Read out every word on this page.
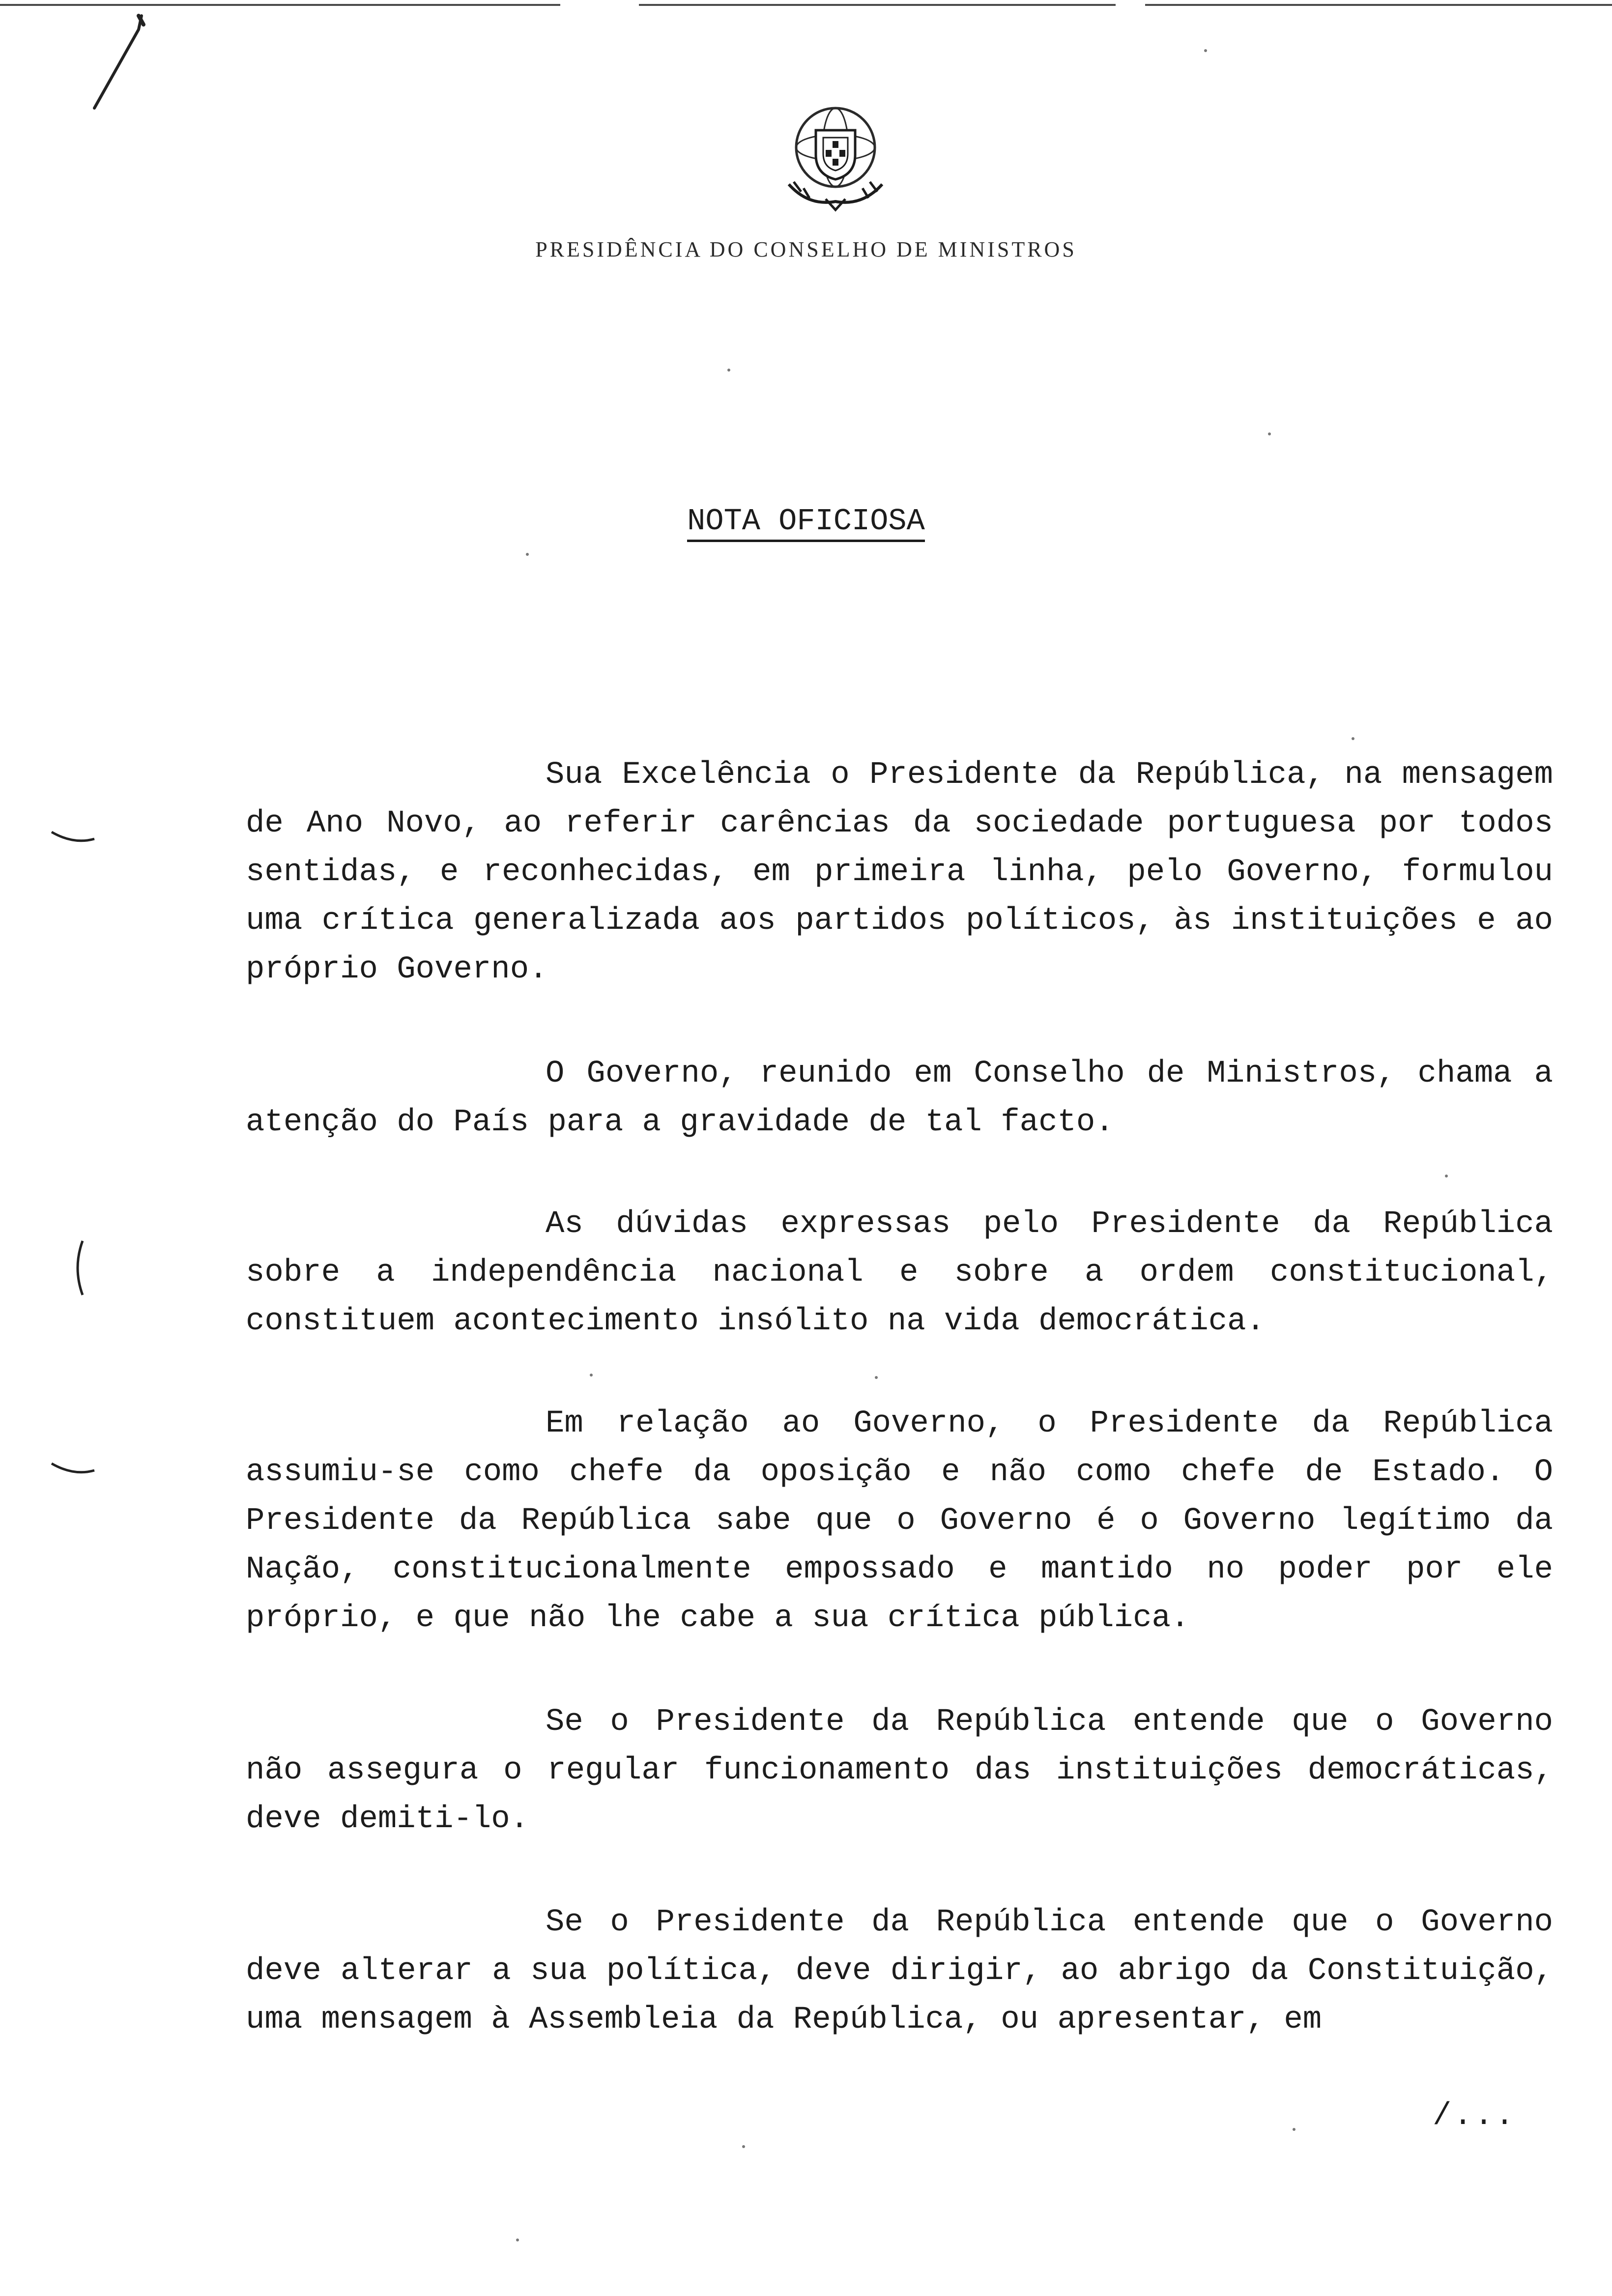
PRESIDÊNCIA DO CONSELHO DE MINISTROS
NOTA OFICIOSA

Sua Excelência o Presidente da República, na mensagem de Ano Novo, ao referir carências da sociedade portuguesa por todos sentidas, e reconhecidas, em primeira linha, pelo Governo, formulou uma crítica generalizada aos partidos políticos, às instituições e ao próprio Governo.

O Governo, reunido em Conselho de Ministros, chama a atenção do País para a gravidade de tal facto.

As dúvidas expressas pelo Presidente da República sobre a independência nacional e sobre a ordem constitucional, constituem acontecimento insólito na vida democrática.

Em relação ao Governo, o Presidente da República assumiu-se como chefe da oposição e não como chefe de Estado. O Presidente da República sabe que o Governo é o Governo legítimo da Nação, constitucionalmente empossado e mantido no poder por ele próprio, e que não lhe cabe a sua crítica pública.

Se o Presidente da República entende que o Governo não assegura o regular funcionamento das instituições democráticas, deve demiti-lo.

Se o Presidente da República entende que o Governo deve alterar a sua política, deve dirigir, ao abrigo da Constituição, uma mensagem à Assembleia da República, ou apresentar, em

/...
